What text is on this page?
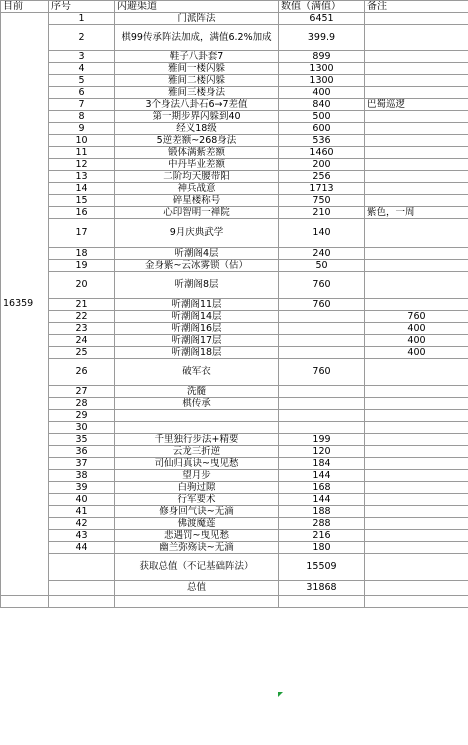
目前	序号	闪避渠道	数值（满值）	备注
16359	1	门派阵法	6451	
	2	棋99传承阵法加成，满值6.2%加成	399.9	
	3	鞋子八卦套7	899	
	4	雅间一楼闪躲	1300	
	5	雅间二楼闪躲	1300	
	6	雅间三楼身法	400	
	7	3个身法八卦石6→7差值	840	巴蜀巡逻
	8	第一期步界闪躲到40	500	
	9	经义18级	600	
	10	5逆差额~268身法	536	
	11	锻体满紫差额	1460	
	12	中丹毕业差额	200	
	13	二阶均天腰带阳	256	
	14	神兵战意	1713	
	15	碎星楼称号	750	
	16	心印智明一禅院	210	紫色，一周
	17	9月庆典武学	140	
	18	听潮阁4层	240	
	19	金身紫~云冰雾锁（估）	50	
	20	听潮阁8层	760	
	21	听潮阁11层	760	
	22	听潮阁14层		760
	23	听潮阁16层		400
	24	听潮阁17层		400
	25	听潮阁18层		400
	26	破军衣	760	
	27	洗髓		
	28	棋传承		
	29			
	30			
	35	千里独行步法+精要	199	
	36	云龙三折逆	120	
	37	司仙归真诀~曳见愁	184	
	38	望月步	144	
	39	白驹过隙	168	
	40	行军要术	144	
	41	修身回气诀~无滴	188	
	42	佛渡魔莲	288	
	43	悲遇罚~曳见愁	216	
	44	幽兰弥殇诀~无滴	180	
		获取总值（不记基础阵法）	15509	
		总值	31868	
